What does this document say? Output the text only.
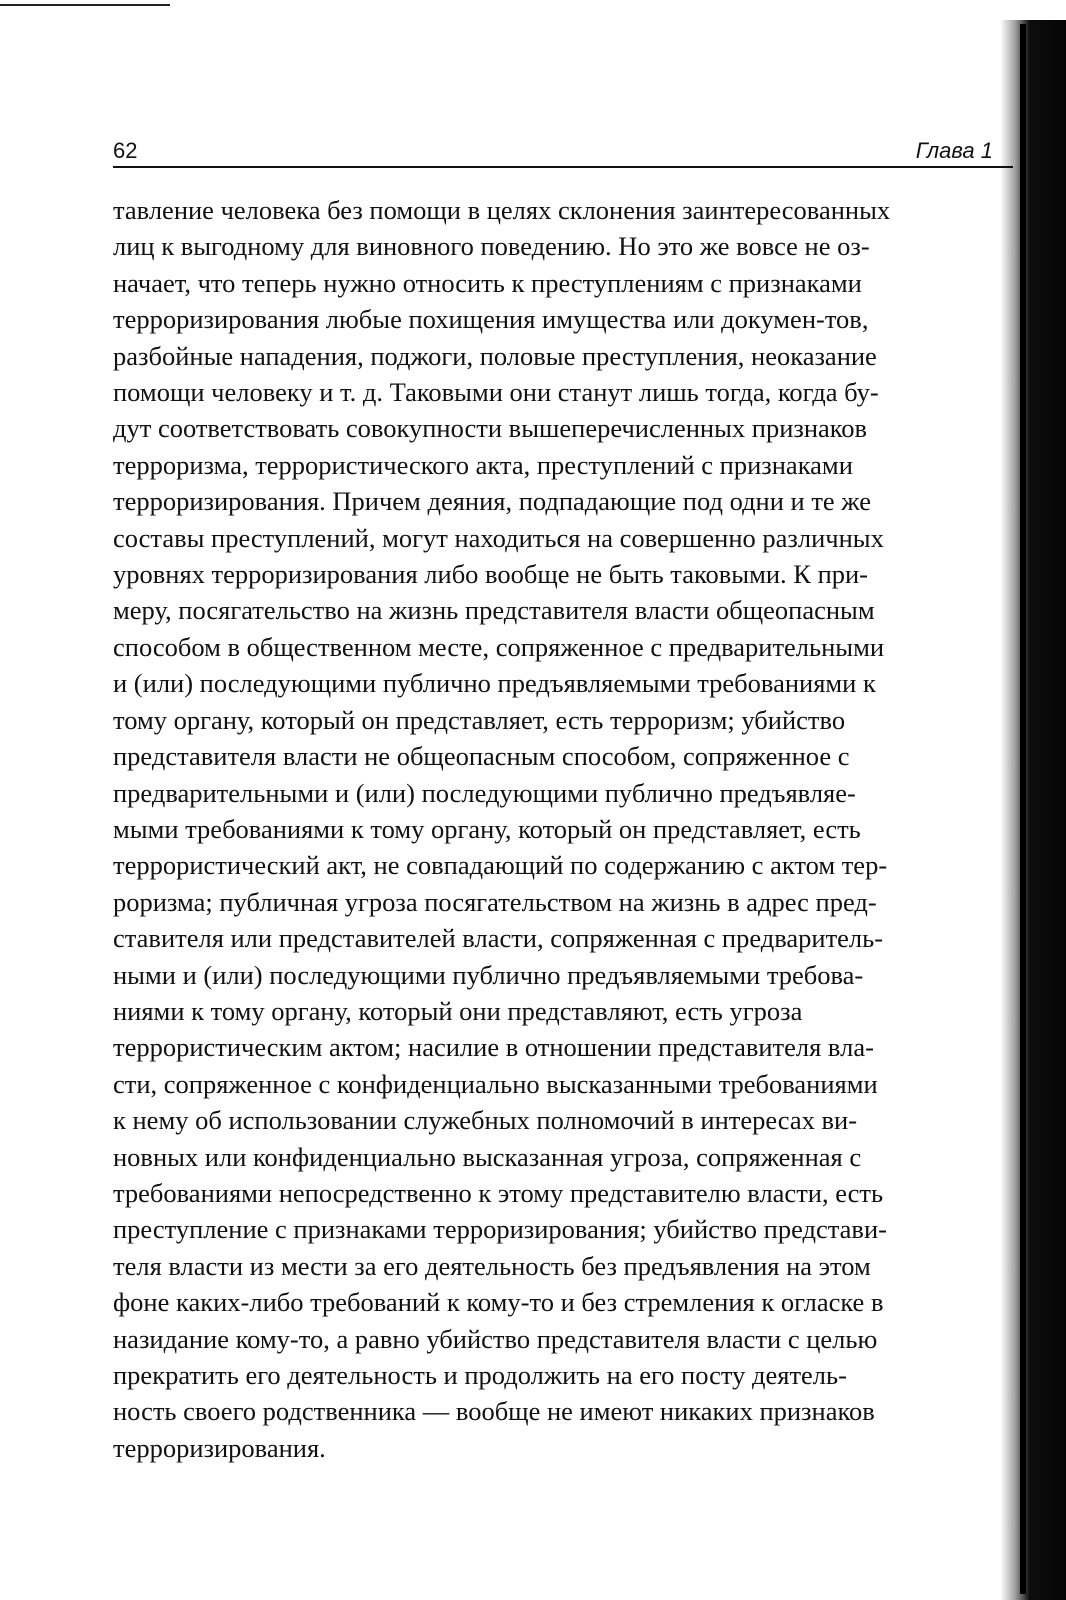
62	Глава 1
тавление человека без помощи в целях склонения заинтересованных
лиц к выгодному для виновного поведению. Но это же вовсе не оз-
начает, что теперь нужно относить к преступлениям с признаками
терроризирования любые похищения имущества или докумен-тов,
разбойные нападения, поджоги, половые преступления, неоказание
помощи человеку и т. д. Таковыми они станут лишь тогда, когда бу-
дут соответствовать совокупности вышеперечисленных признаков
терроризма, террористического акта, преступлений с признаками
терроризирования. Причем деяния, подпадающие под одни и те же
составы преступлений, могут находиться на совершенно различных
уровнях терроризирования либо вообще не быть таковыми. К при-
меру, посягательство на жизнь представителя власти общеопасным
способом в общественном месте, сопряженное с предварительными
и (или) последующими публично предъявляемыми требованиями к
тому органу, который он представляет, есть терроризм; убийство
представителя власти не общеопасным способом, сопряженное с
предварительными и (или) последующими публично предъявляе-
мыми требованиями к тому органу, который он представляет, есть
террористический акт, не совпадающий по содержанию с актом тер-
роризма; публичная угроза посягательством на жизнь в адрес пред-
ставителя или представителей власти, сопряженная с предваритель-
ными и (или) последующими публично предъявляемыми требова-
ниями к тому органу, который они представляют, есть угроза
террористическим актом; насилие в отношении представителя вла-
сти, сопряженное с конфиденциально высказанными требованиями
к нему об использовании служебных полномочий в интересах ви-
новных или конфиденциально высказанная угроза, сопряженная с
требованиями непосредственно к этому представителю власти, есть
преступление с признаками терроризирования; убийство представи-
теля власти из мести за его деятельность без предъявления на этом
фоне каких-либо требований к кому-то и без стремления к огласке в
назидание кому-то, а равно убийство представителя власти с целью
прекратить его деятельность и продолжить на его посту деятель-
ность своего родственника — вообще не имеют никаких признаков
терроризирования.
